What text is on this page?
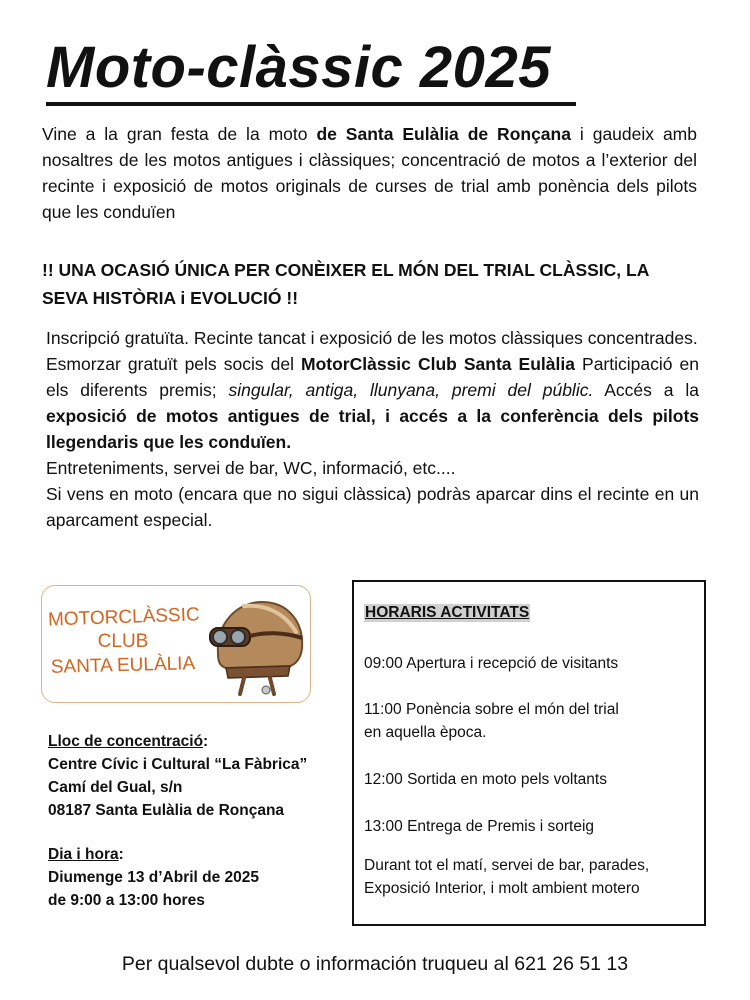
Moto-clàssic 2025
Vine a la gran festa de la moto de Santa Eulàlia de Ronçana i gaudeix amb nosaltres de les motos antigues i clàssiques; concentració de motos a l’exterior del recinte i exposició de motos originals de curses de trial amb ponència dels pilots que les conduïen
!! UNA OCASIÓ ÚNICA PER CONÈIXER EL MÓN DEL TRIAL CLÀSSIC, LA SEVA HISTÒRIA i EVOLUCIÓ !!

Inscripció gratuïta. Recinte tancat i exposició de les motos clàssiques concentrades.

Esmorzar gratuït pels socis del MotorClàssic Club Santa Eulàlia Participació en els diferents premis; singular, antiga, llunyana, premi del públic. Accés a la exposició de motos antigues de trial, i accés a la conferència dels pilots llegendaris que les conduïen.

Entreteniments, servei de bar, WC, informació, etc....

Si vens en moto (encara que no sigui clàssica) podràs aparcar dins el recinte en un aparcament especial.

MOTORCLÀSSIC
CLUB
SANTA EULÀLIA
Lloc de concentració:
Centre Cívic i Cultural “La Fàbrica”
Camí del Gual, s/n
08187 Santa Eulàlia de Ronçana
Dia i hora:
Diumenge 13 d’Abril de 2025
de 9:00 a 13:00 hores
HORARIS ACTIVITATS
09:00 Apertura i recepció de visitants
11:00 Ponència sobre el món del trial
en aquella època.
12:00 Sortida en moto pels voltants
13:00 Entrega de Premis i sorteig
Durant tot el matí, servei de bar, parades,
Exposició Interior, i molt ambient motero
Per qualsevol dubte o información truqueu al 621 26 51 13
